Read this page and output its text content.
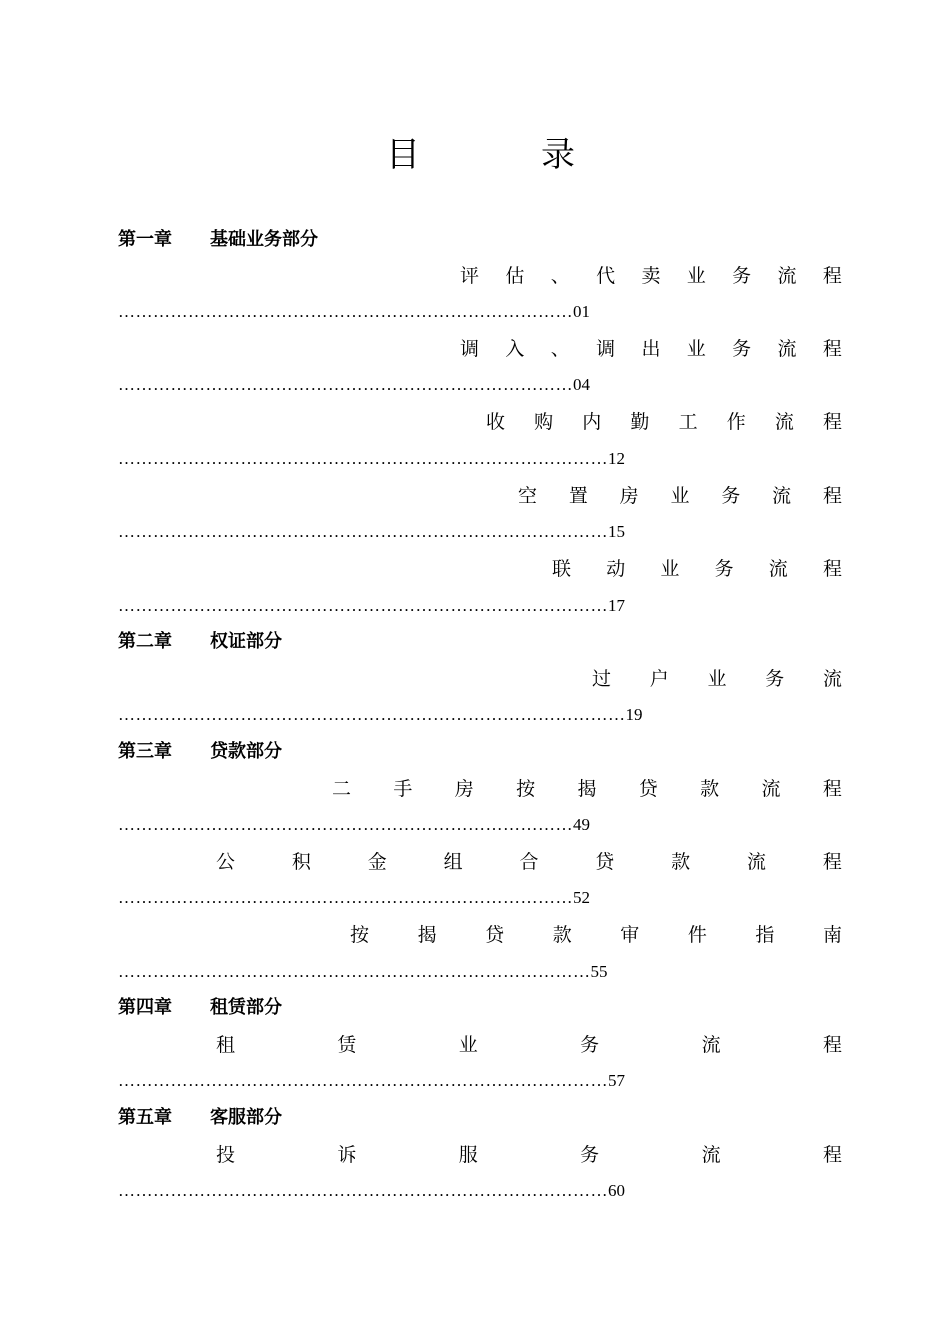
目	录
第一章 基础业务部分
评 估 、 代 卖 业 务 流 程
……………………………………………………………………01
调 入 、 调 出 业 务 流 程
……………………………………………………………………04
收 购 内 勤 工 作 流 程
…………………………………………………………………………12
空 置 房 业 务 流 程
…………………………………………………………………………15
联 动 业 务 流 程
…………………………………………………………………………17
第二章 权证部分
过 户 业 务 流
……………………………………………………………………………19
第三章 贷款部分
二 手 房 按 揭 贷 款 流 程
……………………………………………………………………49
公	积	金	组	合	贷	款	流	程
……………………………………………………………………52
按	揭	贷	款	审	件	指	南
………………………………………………………………………55
第四章 租赁部分
租	赁	业	务	流	程
…………………………………………………………………………57
第五章 客服部分
投	诉	服	务	流	程
…………………………………………………………………………60
